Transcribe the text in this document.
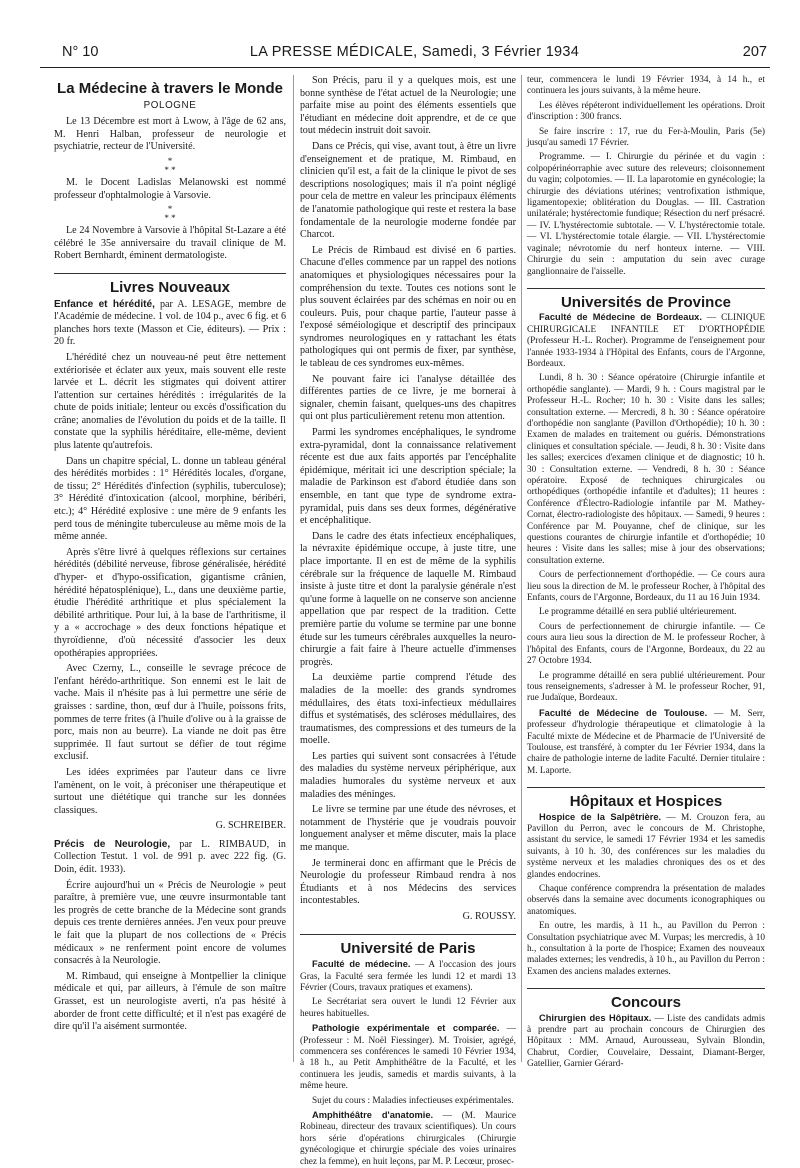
N° 10	LA PRESSE MÉDICALE, Samedi, 3 Février 1934	207
La Médecine à travers le Monde
POLOGNE

Le 13 Décembre est mort à Lwow, à l'âge de 62 ans, M. Henri Halban, professeur de neurologie et psychiatrie, recteur de l'Université.

*
* *

M. le Docent Ladislas Melanowski est nommé professeur d'ophtalmologie à Varsovie.

*
* *

Le 24 Novembre à Varsovie à l'hôpital St-Lazare a été célébré le 35e anniversaire du travail clinique de M. Robert Bernhardt, éminent dermatologiste.

Livres Nouveaux

Enfance et hérédité, par A. LESAGE, membre de l'Académie de médecine. 1 vol. de 104 p., avec 6 fig. et 6 planches hors texte (Masson et Cie, éditeurs). — Prix : 20 fr.

L'hérédité chez un nouveau-né peut être nettement extériorisée et éclater aux yeux, mais souvent elle reste larvée et L. décrit les stigmates qui doivent attirer l'attention sur certaines hérédités : irrégularités de la chute de poids initiale; lenteur ou excès d'ossification du crâne; anomalies de l'évolution du poids et de la taille. Il constate que la syphilis héréditaire, elle-même, devient plus latente qu'autrefois.

Dans un chapitre spécial, L. donne un tableau général des hérédités morbides : 1° Hérédités locales, d'organe, de tissu; 2° Hérédités d'infection (syphilis, tuberculose); 3° Hérédité d'intoxication (alcool, morphine, béribéri, etc.); 4° Hérédité explosive : une mère de 9 enfants les perd tous de méningite tuberculeuse au même mois de la même année.

Après s'être livré à quelques réflexions sur certaines hérédités (débilité nerveuse, fibrose généralisée, hérédité d'hyper- et d'hypo-ossification, gigantisme crânien, hérédité hépatosplénique), L., dans une deuxième partie, étudie l'hérédité arthritique et plus spécialement la débilité arthritique. Pour lui, à la base de l'arthritisme, il y a « accrochage » des deux fonctions hépatique et thyroïdienne, d'où nécessité d'associer les deux opothérapies appropriées.

Avec Czerny, L., conseille le sevrage précoce de l'enfant hérédo-arthritique. Son ennemi est le lait de vache. Mais il n'hésite pas à lui permettre une série de graisses : sardine, thon, œuf dur à l'huile, poissons frits, pommes de terre frites (à l'huile d'olive ou à la graisse de porc, mais non au beurre). La viande ne doit pas être supprimée. Il faut surtout se défier de tout régime exclusif.

Les idées exprimées par l'auteur dans ce livre l'amènent, on le voit, à préconiser une thérapeutique et surtout une diététique qui tranche sur les données classiques.

G. SCHREIBER.

Précis de Neurologie, par L. RIMBAUD, in Collection Testut. 1 vol. de 991 p. avec 222 fig. (G. Doin, édit. 1933).

Écrire aujourd'hui un « Précis de Neurologie » peut paraître, à première vue, une œuvre insurmontable tant les progrès de cette branche de la Médecine sont grands depuis ces trente dernières années. J'en veux pour preuve le fait que la plupart de nos collections de « Précis médicaux » ne renferment point encore de volumes consacrés à la Neurologie.

M. Rimbaud, qui enseigne à Montpellier la clinique médicale et qui, par ailleurs, à l'émule de son maître Grasset, est un neurologiste averti, n'a pas hésité à aborder de front cette difficulté; et il n'est pas exagéré de dire qu'il l'a aisément surmontée.

Son Précis, paru il y a quelques mois, est une bonne synthèse de l'état actuel de la Neurologie; une parfaite mise au point des éléments essentiels que l'étudiant en médecine doit apprendre, et de ce que tout médecin instruit doit savoir.

Dans ce Précis, qui vise, avant tout, à être un livre d'enseignement et de pratique, M. Rimbaud, en clinicien qu'il est, a fait de la clinique le pivot de ses descriptions nosologiques; mais il n'a point négligé pour cela de mettre en valeur les principaux éléments de l'anatomie pathologique qui reste et restera la base fondamentale de la neurologie moderne fondée par Charcot.

Le Précis de Rimbaud est divisé en 6 parties. Chacune d'elles commence par un rappel des notions anatomiques et physiologiques nécessaires pour la compréhension du texte. Toutes ces notions sont le plus souvent éclairées par des schémas en noir ou en couleurs. Puis, pour chaque partie, l'auteur passe à l'exposé séméiologique et descriptif des principaux syndromes neurologiques en y rattachant les états pathologiques qui ont permis de fixer, par synthèse, le tableau de ces syndromes eux-mêmes.

Ne pouvant faire ici l'analyse détaillée des différentes parties de ce livre, je me bornerai à signaler, chemin faisant, quelques-uns des chapitres qui ont plus particulièrement retenu mon attention.

Parmi les syndromes encéphaliques, le syndrome extra-pyramidal, dont la connaissance relativement récente est due aux faits apportés par l'encéphalite épidémique, méritait ici une description spéciale; la maladie de Parkinson est d'abord étudiée dans son ensemble, en tant que type de syndrome extra-pyramidal, puis dans ses deux formes, dégénérative et encéphalitique.

Dans le cadre des états infectieux encéphaliques, la névraxite épidémique occupe, à juste titre, une place importante. Il en est de même de la syphilis cérébrale sur la fréquence de laquelle M. Rimbaud insiste à juste titre et dont la paralysie générale n'est qu'une forme à laquelle on ne conserve son ancienne appellation que par respect de la tradition. Cette première partie du volume se termine par une bonne étude sur les tumeurs cérébrales auxquelles la neuro-chirurgie a fait faire à l'heure actuelle d'immenses progrès.

La deuxième partie comprend l'étude des maladies de la moelle: des grands syndromes médullaires, des états toxi-infectieux médullaires diffus et systématisés, des scléroses médullaires, des traumatismes, des compressions et des tumeurs de la moelle.

Les parties qui suivent sont consacrées à l'étude des maladies du système nerveux périphérique, aux maladies humorales du système nerveux et aux maladies des méninges.

Le livre se termine par une étude des névroses, et notamment de l'hystérie que je voudrais pouvoir longuement analyser et même discuter, mais la place me manque.

Je terminerai donc en affirmant que le Précis de Neurologie du professeur Rimbaud rendra à nos Étudiants et à nos Médecins des services incontestables.

G. ROUSSY.
Université de Paris

Faculté de médecine. — A l'occasion des jours Gras, la Faculté sera fermée les lundi 12 et mardi 13 Février (Cours, travaux pratiques et examens).

Le Secrétariat sera ouvert le lundi 12 Février aux heures habituelles.

Pathologie expérimentale et comparée. — (Professeur : M. Noël Fiessinger). M. Troisier, agrégé, commencera ses conférences le samedi 10 Février 1934, à 18 h., au Petit Amphithéâtre de la Faculté, et les continuera les jeudis, samedis et mardis suivants, à la même heure.

Sujet du cours : Maladies infectieuses expérimentales.

Amphithéâtre d'anatomie. — (M. Maurice Robineau, directeur des travaux scientifiques). Un cours hors série d'opérations chirurgicales (Chirurgie gynécologique et chirurgie spéciale des voies urinaires chez la femme), en huit leçons, par M. P. Lecœur, prosec-

teur, commencera le lundi 19 Février 1934, à 14 h., et continuera les jours suivants, à la même heure.

Les élèves répéteront individuellement les opérations. Droit d'inscription : 300 francs.

Se faire inscrire : 17, rue du Fer-à-Moulin, Paris (5e) jusqu'au samedi 17 Février.

Programme. — I. Chirurgie du périnée et du vagin : colpopérinéorraphie avec suture des releveurs; cloisonnement du vagin; colpotomies. — II. La laparotomie en gynécologie; la chirurgie des déviations utérines; ventrofixation isthmique, ligamentopexie; oblitération du Douglas. — III. Castration unilatérale; hystérectomie fundique; Résection du nerf présacré. — IV. L'hystérectomie subtotale. — V. L'hystérectomie totale. — VI. L'hystérectomie totale élargie. — VII. L'hystérectomie vaginale; névrotomie du nerf honteux interne. — VIII. Chirurgie du sein : amputation du sein avec curage ganglionnaire de l'aisselle.

Universités de Province

Faculté de Médecine de Bordeaux. — CLINIQUE CHIRURGICALE INFANTILE ET D'ORTHOPÉDIE (Professeur H.-L. Rocher). Programme de l'enseignement pour l'année 1933-1934 à l'Hôpital des Enfants, cours de l'Argonne, Bordeaux.

Lundi, 8 h. 30 : Séance opératoire (Chirurgie infantile et orthopédie sanglante). — Mardi, 9 h. : Cours magistral par le Professeur H.-L. Rocher; 10 h. 30 : Visite dans les salles; consultation externe. — Mercredi, 8 h. 30 : Séance opératoire d'orthopédie non sanglante (Pavillon d'Orthopédie); 10 h. 30 : Examen de malades en traitement ou guéris. Démonstrations cliniques et consultation spéciale. — Jeudi, 8 h. 30 : Visite dans les salles; exercices d'examen clinique et de diagnostic; 10 h. 30 : Consultation externe. — Vendredi, 8 h. 30 : Séance opératoire. Exposé de techniques chirurgicales ou orthopédiques (orthopédie infantile et d'adultes); 11 heures : Conférence d'Électro-Radiologie infantile par M. Mathey-Cornat, électro-radiologiste des hôpitaux. — Samedi, 9 heures : Conférence par M. Pouyanne, chef de clinique, sur les questions courantes de chirurgie infantile et d'orthopédie; 10 heures : Visite dans les salles; mise à jour des observations; consultation externe.

Cours de perfectionnement d'orthopédie. — Ce cours aura lieu sous la direction de M. le professeur Rocher, à l'hôpital des Enfants, cours de l'Argonne, Bordeaux, du 11 au 16 Juin 1934.

Le programme détaillé en sera publié ultérieurement.

Cours de perfectionnement de chirurgie infantile. — Ce cours aura lieu sous la direction de M. le professeur Rocher, à l'hôpital des Enfants, cours de l'Argonne, Bordeaux, du 22 au 27 Octobre 1934.

Le programme détaillé en sera publié ultérieurement. Pour tous renseignements, s'adresser à M. le professeur Rocher, 91, rue Judaïque, Bordeaux.

Faculté de Médecine de Toulouse. — M. Serr, professeur d'hydrologie thérapeutique et climatologie à la Faculté mixte de Médecine et de Pharmacie de l'Université de Toulouse, est transféré, à compter du 1er Février 1934, dans la chaire de pathologie interne de ladite Faculté. Dernier titulaire : M. Laporte.

Hôpitaux et Hospices

Hospice de la Salpêtrière. — M. Crouzon fera, au Pavillon du Perron, avec le concours de M. Christophe, assistant du service, le samedi 17 Février 1934 et les samedis suivants, à 10 h. 30, des conférences sur les maladies du système nerveux et les maladies chroniques des os et des glandes endocrines.

Chaque conférence comprendra la présentation de malades observés dans la semaine avec documents iconographiques ou anatomiques.

En outre, les mardis, à 11 h., au Pavillon du Perron : Consultation psychiatrique avec M. Vurpas; les mercredis, à 10 h., consultation à la porte de l'hospice; Examen des nouveaux malades externes; les vendredis, à 10 h., au Pavillon du Perron : Examen des anciens malades externes.

Concours

Chirurgien des Hôpitaux. — Liste des candidats admis à prendre part au prochain concours de Chirurgien des Hôpitaux : MM. Arnaud, Aurousseau, Sylvain Blondin, Chabrut, Cordier, Couvelaire, Dessaint, Diamant-Berger, Gatellier, Garnier Gérard-
